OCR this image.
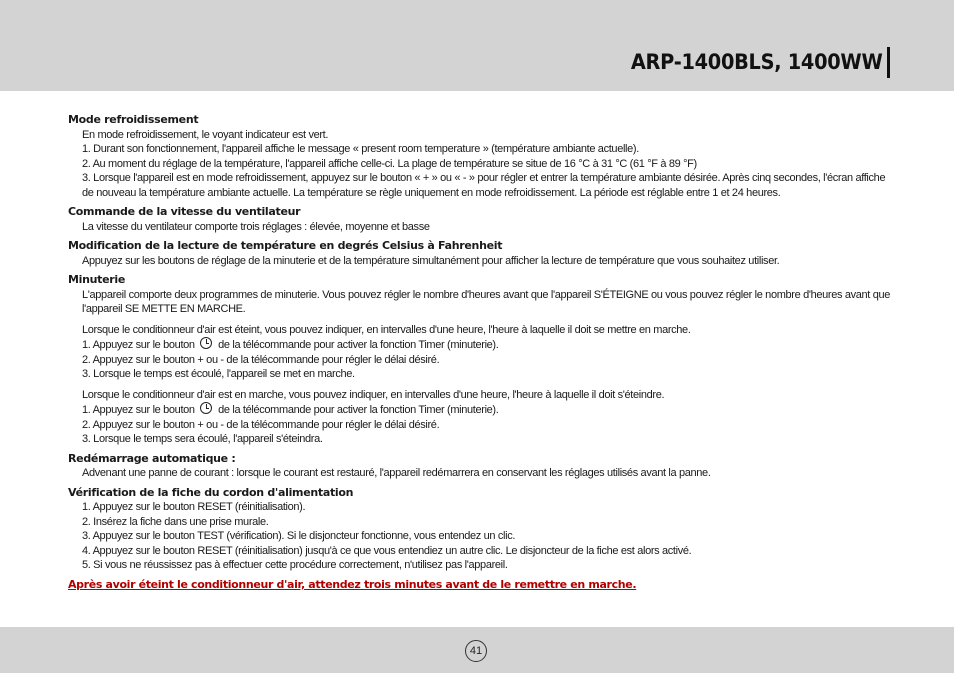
ARP-1400BLS, 1400WW

Mode refroidissement

En mode refroidissement, le voyant indicateur est vert.

1. Durant son fonctionnement, l'appareil affiche le message « present room temperature » (température ambiante actuelle).

2. Au moment du réglage de la température, l'appareil affiche celle-ci. La plage de température se situe de 16 °C à 31 °C (61 °F à 89 °F)

3. Lorsque l'appareil est en mode refroidissement, appuyez sur le bouton « + » ou « - » pour régler et entrer la température ambiante désirée. Après cinq secondes, l'écran affiche de nouveau la température ambiante actuelle. La température se règle uniquement en mode refroidissement. La période est réglable entre 1 et 24 heures.

Commande de la vitesse du ventilateur

La vitesse du ventilateur comporte trois réglages : élevée, moyenne et basse

Modification de la lecture de température en degrés Celsius à Fahrenheit

Appuyez sur les boutons de réglage de la minuterie et de la température simultanément pour afficher la lecture de température que vous souhaitez utiliser.

Minuterie

L'appareil comporte deux programmes de minuterie. Vous pouvez régler le nombre d'heures avant que l'appareil S'ÉTEIGNE ou vous pouvez régler le nombre d'heures avant que l'appareil SE METTE EN MARCHE.

Lorsque le conditionneur d'air est éteint, vous pouvez indiquer, en intervalles d'une heure, l'heure à laquelle il doit se mettre en marche.

1. Appuyez sur le bouton de la télécommande pour activer la fonction Timer (minuterie).

2. Appuyez sur le bouton + ou - de la télécommande pour régler le délai désiré.

3. Lorsque le temps est écoulé, l'appareil se met en marche.

Lorsque le conditionneur d'air est en marche, vous pouvez indiquer, en intervalles d'une heure, l'heure à laquelle il doit s'éteindre.

1. Appuyez sur le bouton de la télécommande pour activer la fonction Timer (minuterie).

2. Appuyez sur le bouton + ou - de la télécommande pour régler le délai désiré.

3. Lorsque le temps sera écoulé, l'appareil s'éteindra.

Redémarrage automatique :

Advenant une panne de courant : lorsque le courant est restauré, l'appareil redémarrera en conservant les réglages utilisés avant la panne.

Vérification de la fiche du cordon d'alimentation

1. Appuyez sur le bouton RESET (réinitialisation).

2. Insérez la fiche dans une prise murale.

3. Appuyez sur le bouton TEST (vérification). Si le disjoncteur fonctionne, vous entendez un clic.

4. Appuyez sur le bouton RESET (réinitialisation) jusqu'à ce que vous entendiez un autre clic. Le disjoncteur de la fiche est alors activé.

5. Si vous ne réussissez pas à effectuer cette procédure correctement, n'utilisez pas l'appareil.

Après avoir éteint le conditionneur d'air, attendez trois minutes avant de le remettre en marche.

41
